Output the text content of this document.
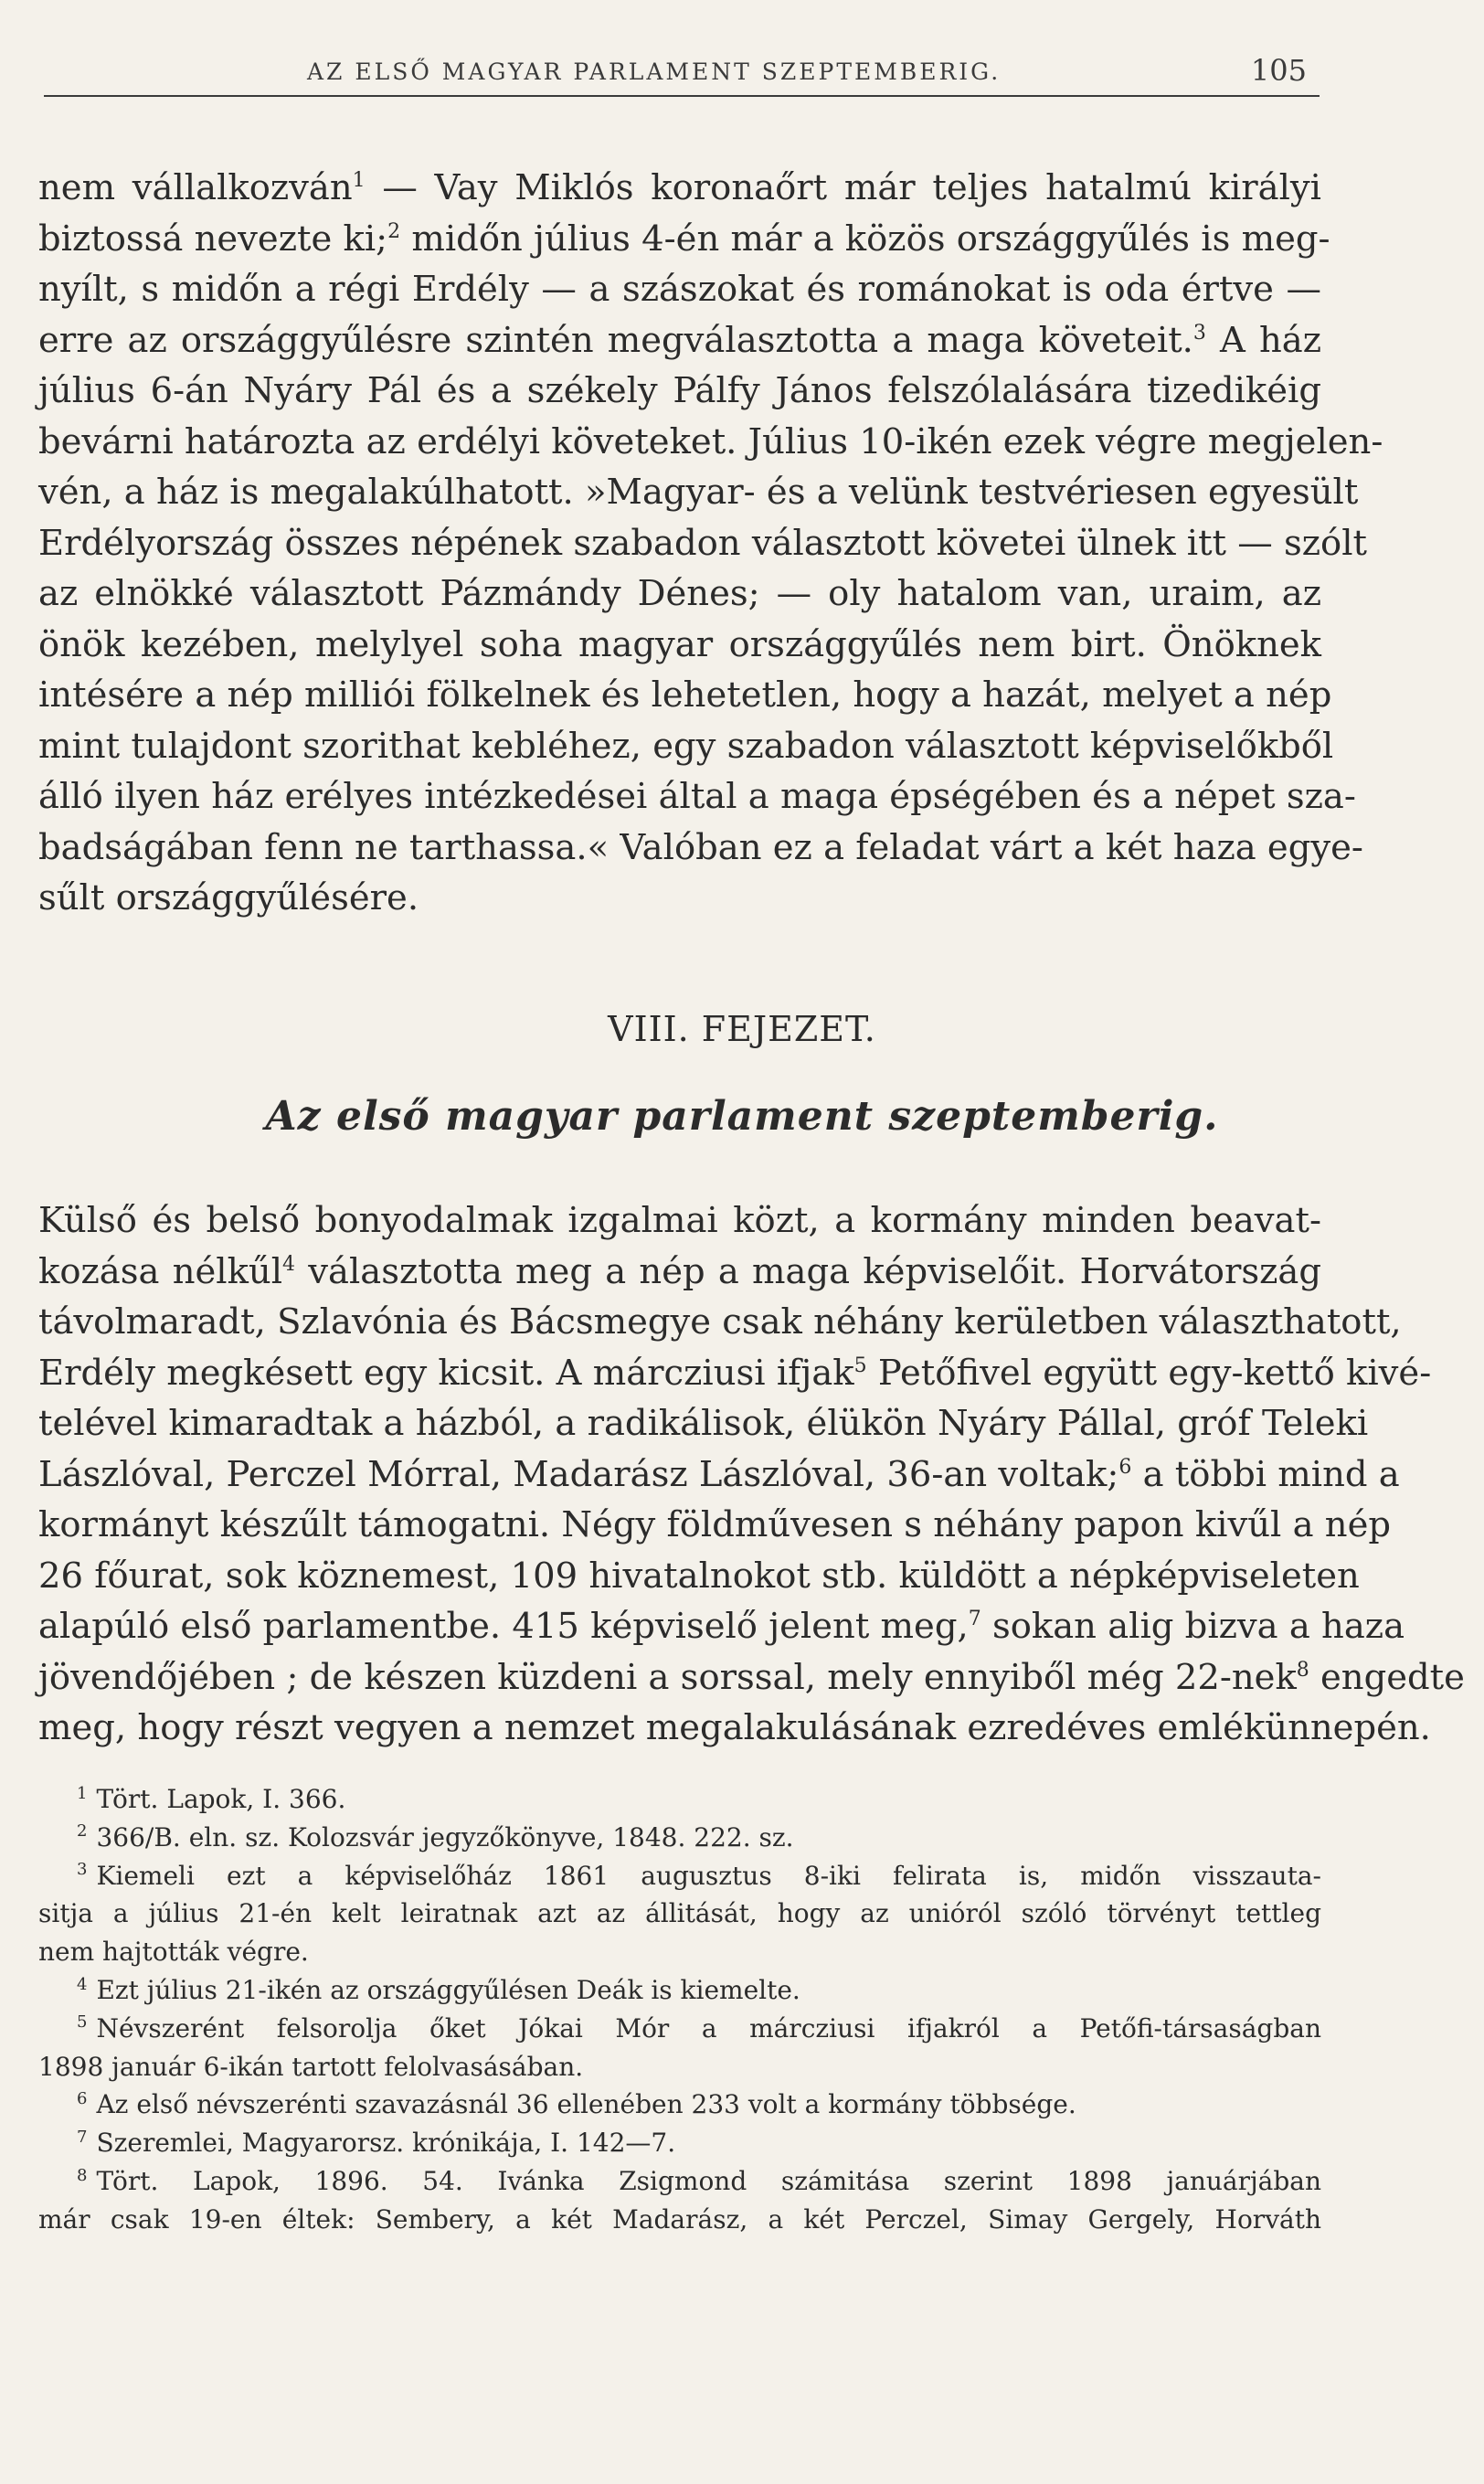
AZ ELSŐ MAGYAR PARLAMENT SZEPTEMBERIG.	105
nem vállalkozván$^1$ — Vay Miklós koronaőrt már teljes hatalmú királyi
biztossá nevezte ki;$^2$ midőn július 4-én már a közös országgyűlés is meg-
nyílt, s midőn a régi Erdély — a szászokat és románokat is oda értve —
erre az országgyűlésre szintén megválasztotta a maga követeit.$^3$ A ház
július 6-án Nyáry Pál és a székely Pálfy János felszólalására tizedikéig
bevárni határozta az erdélyi követeket. Július 10-ikén ezek végre megjelen-
vén, a ház is megalakúlhatott. »Magyar- és a velünk testvériesen egyesült
Erdélyország összes népének szabadon választott követei ülnek itt — szólt
az elnökké választott Pázmándy Dénes; — oly hatalom van, uraim, az
önök kezében, melylyel soha magyar országgyűlés nem birt. Önöknek
intésére a nép milliói fölkelnek és lehetetlen, hogy a hazát, melyet a nép
mint tulajdont szorithat kebléhez, egy szabadon választott képviselőkből
álló ilyen ház erélyes intézkedései által a maga épségében és a népet sza-
badságában fenn ne tarthassa.« Valóban ez a feladat várt a két haza egye-
sűlt országgyűlésére.
VIII. FEJEZET.
Az első magyar parlament szeptemberig.
Külső és belső bonyodalmak izgalmai közt, a kormány minden beavat-
kozása nélkűl$^4$ választotta meg a nép a maga képviselőit. Horvátország
távolmaradt, Szlavónia és Bácsmegye csak néhány kerületben választhatott,
Erdély megkésett egy kicsit. A márcziusi ifjak$^5$ Petőfivel együtt egy-kettő kivé-
telével kimaradtak a házból, a radikálisok, élükön Nyáry Pállal, gróf Teleki
Lászlóval, Perczel Mórral, Madarász Lászlóval, 36-an voltak;$^6$ a többi mind a
kormányt készűlt támogatni. Négy földművesen s néhány papon kivűl a nép
26 főurat, sok köznemest, 109 hivatalnokot stb. küldött a népképviseleten
alapúló első parlamentbe. 415 képviselő jelent meg,$^7$ sokan alig bizva a haza
jövendőjében ; de készen küzdeni a sorssal, mely ennyiből még 22-nek$^8$ engedte
meg, hogy részt vegyen a nemzet megalakulásának ezredéves emlékünnepén.
$^1$ Tört. Lapok, I. 366.
$^2$ 366/B. eln. sz. Kolozsvár jegyzőkönyve, 1848. 222. sz.
$^3$ Kiemeli ezt a képviselőház 1861 augusztus 8-iki felirata is, midőn visszauta-
sitja a július 21-én kelt leiratnak azt az állitását, hogy az unióról szóló törvényt tettleg
nem hajtották végre.
$^4$ Ezt július 21-ikén az országgyűlésen Deák is kiemelte.
$^5$ Névszerént felsorolja őket Jókai Mór a márcziusi ifjakról a Petőfi-társaságban
1898 január 6-ikán tartott felolvasásában.
$^6$ Az első névszerénti szavazásnál 36 ellenében 233 volt a kormány többsége.
$^7$ Szeremlei, Magyarorsz. krónikája, I. 142—7.
$^8$ Tört. Lapok, 1896. 54. Ivánka Zsigmond számitása szerint 1898 januárjában
már csak 19-en éltek: Sembery, a két Madarász, a két Perczel, Simay Gergely, Horváth
